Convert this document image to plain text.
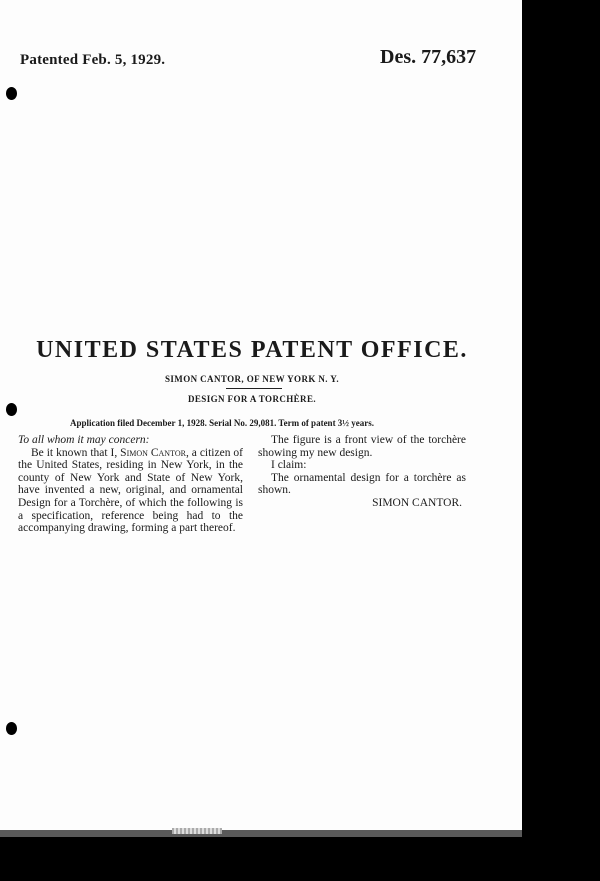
Patented Feb. 5, 1929.	Des. 77,637
UNITED STATES PATENT OFFICE.
SIMON CANTOR, OF NEW YORK N. Y.
DESIGN FOR A TORCHÈRE.
Application filed December 1, 1928. Serial No. 29,081. Term of patent 3½ years.

To all whom it may concern:

Be it known that I, Simon Cantor, a citizen of the United States, residing in New York, in the county of New York and State of New York, have invented a new, original, and ornamental Design for a Torchère, of which the following is a specification, reference being had to the accompanying drawing, forming a part thereof.

The figure is a front view of the torchère showing my new design.

I claim:

The ornamental design for a torchère as shown.

SIMON CANTOR.
